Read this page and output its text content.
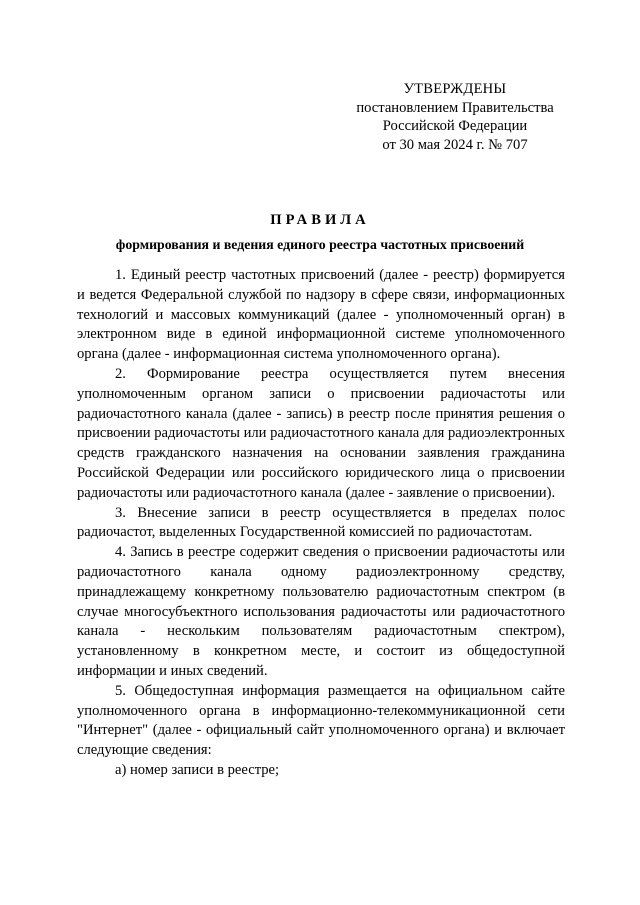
УТВЕРЖДЕНЫ
постановлением Правительства
Российской Федерации
от 30 мая 2024 г. № 707
ПРАВИЛА
формирования и ведения единого реестра частотных присвоений

1. Единый реестр частотных присвоений (далее - реестр) формируется и ведется Федеральной службой по надзору в сфере связи, информационных технологий и массовых коммуникаций (далее - уполномоченный орган) в электронном виде в единой информационной системе уполномоченного органа (далее - информационная система уполномоченного органа).

2. Формирование реестра осуществляется путем внесения уполномоченным органом записи о присвоении радиочастоты или радиочастотного канала (далее - запись) в реестр после принятия решения о присвоении радиочастоты или радиочастотного канала для радиоэлектронных средств гражданского назначения на основании заявления гражданина Российской Федерации или российского юридического лица о присвоении радиочастоты или радиочастотного канала (далее - заявление о присвоении).

3. Внесение записи в реестр осуществляется в пределах полос радиочастот, выделенных Государственной комиссией по радиочастотам.

4. Запись в реестре содержит сведения о присвоении радиочастоты или радиочастотного канала одному радиоэлектронному средству, принадлежащему конкретному пользователю радиочастотным спектром (в случае многосубъектного использования радиочастоты или радиочастотного канала - нескольким пользователям радиочастотным спектром), установленному в конкретном месте, и состоит из общедоступной информации и иных сведений.

5. Общедоступная информация размещается на официальном сайте уполномоченного органа в информационно-телекоммуникационной сети "Интернет" (далее - официальный сайт уполномоченного органа) и включает следующие сведения:

а) номер записи в реестре;
